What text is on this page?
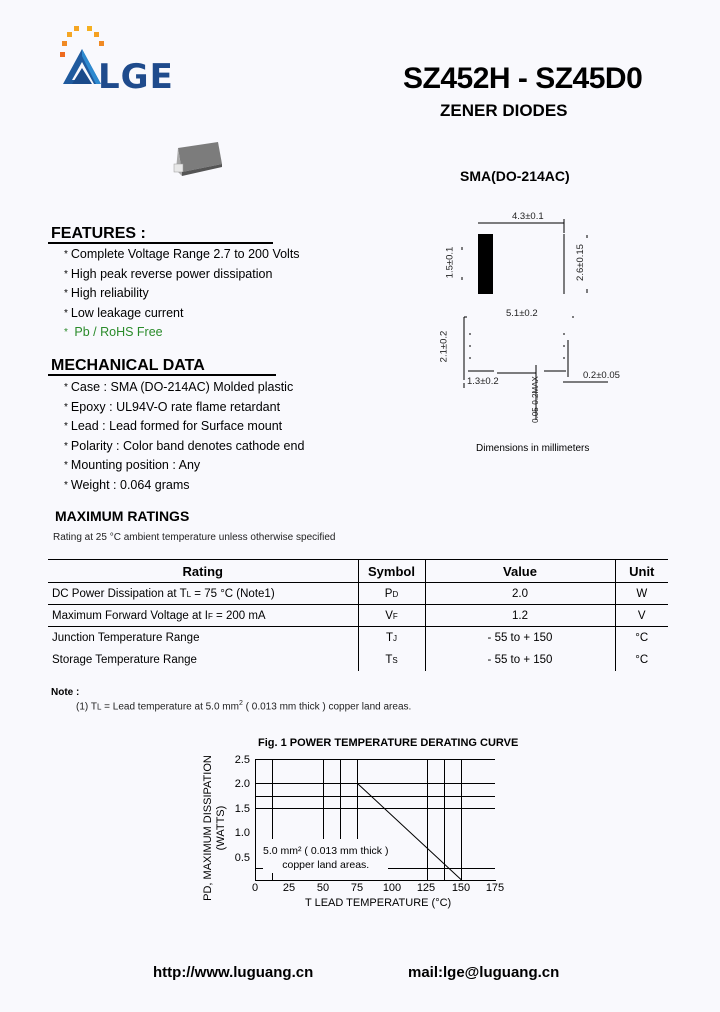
LGE	SZ452H - SZ45D0
ZENER DIODES
SMA(DO-214AC)
FEATURES :
* Complete Voltage Range 2.7 to 200 Volts
* High peak reverse power dissipation
* High reliability
* Low leakage current
* Pb / RoHS Free
MECHANICAL DATA
* Case : SMA (DO-214AC) Molded plastic
* Epoxy : UL94V-O rate flame retardant
* Lead : Lead formed for Surface mount
* Polarity : Color band denotes cathode end
* Mounting position : Any
* Weight : 0.064 grams
4.3±0.1
1.5±0.1	2.6±0.15
5.1±0.2
2.1±0.2
1.3±0.2
0.2±0.05
0.05-0.2MAX
Dimensions in millimeters
MAXIMUM RATINGS
Rating at 25 °C ambient temperature unless otherwise specified
Rating	Symbol	Value	Unit
DC Power Dissipation at TL = 75 °C (Note1)	PD	2.0	W
Maximum Forward Voltage at IF = 200 mA	VF	1.2	V
Junction Temperature Range	TJ	- 55 to + 150	°C
Storage Temperature Range	TS	- 55 to + 150	°C
Note :
(1) TL = Lead temperature at 5.0 $mm^2$ ( 0.013 mm thick ) copper land areas.
Fig. 1 POWER TEMPERATURE DERATING CURVE
PD, MAXIMUM DISSIPATION (WATTS)
5.0 mm² ( 0.013 mm thick )
copper land areas.
2.5
2.0
1.5
1.0
0.5
0	25	50	75	100	125	150	175
T LEAD TEMPERATURE (°C)
http://www.luguang.cn	mail:lge@luguang.cn
